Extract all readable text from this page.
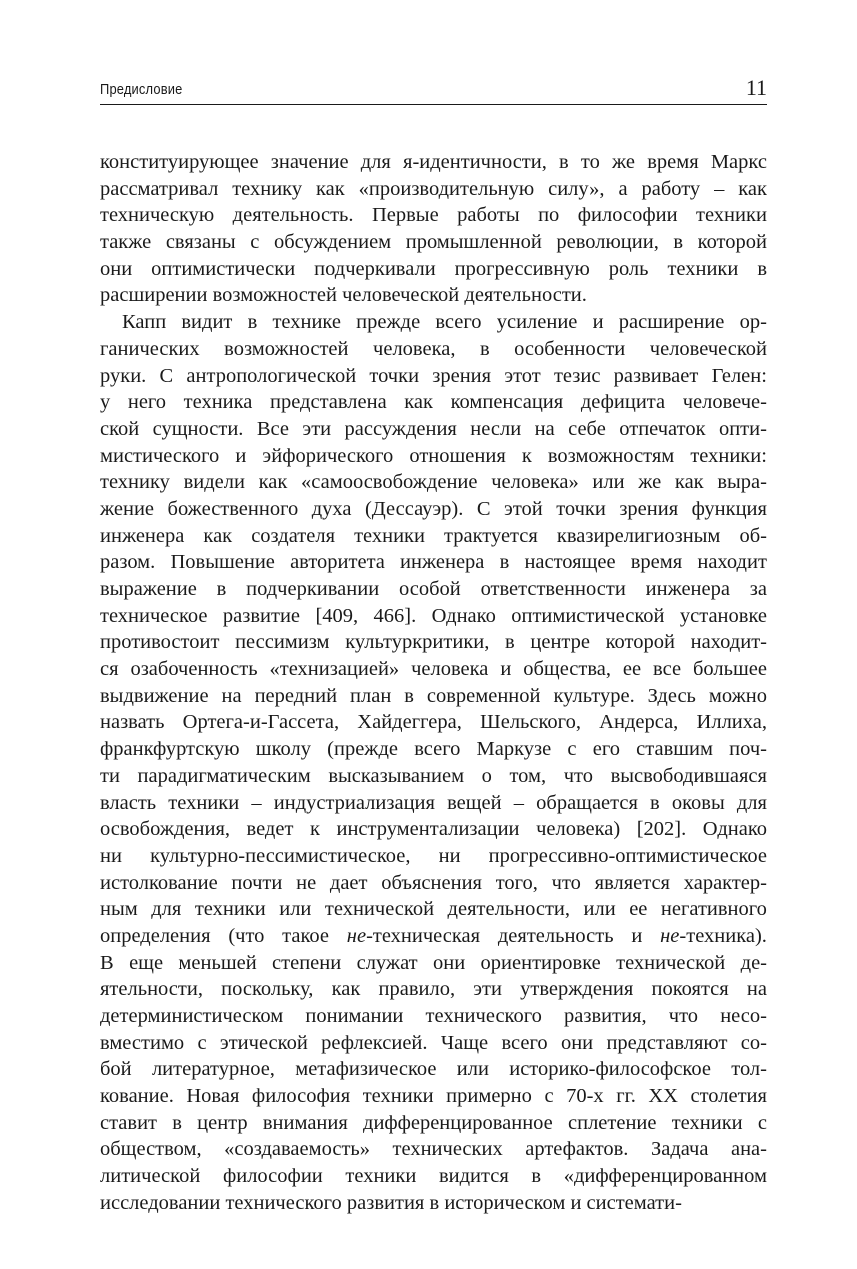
Предисловие	11
конституирующее значение для я-идентичности, в то же время Маркс
рассматривал технику как «производительную силу», а работу – как
техническую деятельность. Первые работы по философии техники
также связаны с обсуждением промышленной революции, в которой
они оптимистически подчеркивали прогрессивную роль техники в
расширении возможностей человеческой деятельности.
Капп видит в технике прежде всего усиление и расширение ор-
ганических возможностей человека, в особенности человеческой
руки. С антропологической точки зрения этот тезис развивает Гелен:
у него техника представлена как компенсация дефицита человече-
ской сущности. Все эти рассуждения несли на себе отпечаток опти-
мистического и эйфорического отношения к возможностям техники:
технику видели как «самоосвобождение человека» или же как выра-
жение божественного духа (Дессауэр). С этой точки зрения функция
инженера как создателя техники трактуется квазирелигиозным об-
разом. Повышение авторитета инженера в настоящее время находит
выражение в подчеркивании особой ответственности инженера за
техническое развитие [409, 466]. Однако оптимистической установке
противостоит пессимизм культуркритики, в центре которой находит-
ся озабоченность «технизацией» человека и общества, ее все большее
выдвижение на передний план в современной культуре. Здесь можно
назвать Ортега-и-Гассета, Хайдеггера, Шельского, Андерса, Иллиха,
франкфуртскую школу (прежде всего Маркузе с его ставшим поч-
ти парадигматическим высказыванием о том, что высвободившаяся
власть техники – индустриализация вещей – обращается в оковы для
освобождения, ведет к инструментализации человека) [202]. Однако
ни культурно-пессимистическое, ни прогрессивно-оптимистическое
истолкование почти не дает объяснения того, что является характер-
ным для техники или технической деятельности, или ее негативного
определения (что такое не-техническая деятельность и не-техника).
В еще меньшей степени служат они ориентировке технической де-
ятельности, поскольку, как правило, эти утверждения покоятся на
детерминистическом понимании технического развития, что несо-
вместимо с этической рефлексией. Чаще всего они представляют со-
бой литературное, метафизическое или историко-философское тол-
кование. Новая философия техники примерно с 70-х гг. XX столетия
ставит в центр внимания дифференцированное сплетение техники с
обществом, «создаваемость» технических артефактов. Задача ана-
литической философии техники видится в «дифференцированном
исследовании технического развития в историческом и системати-
